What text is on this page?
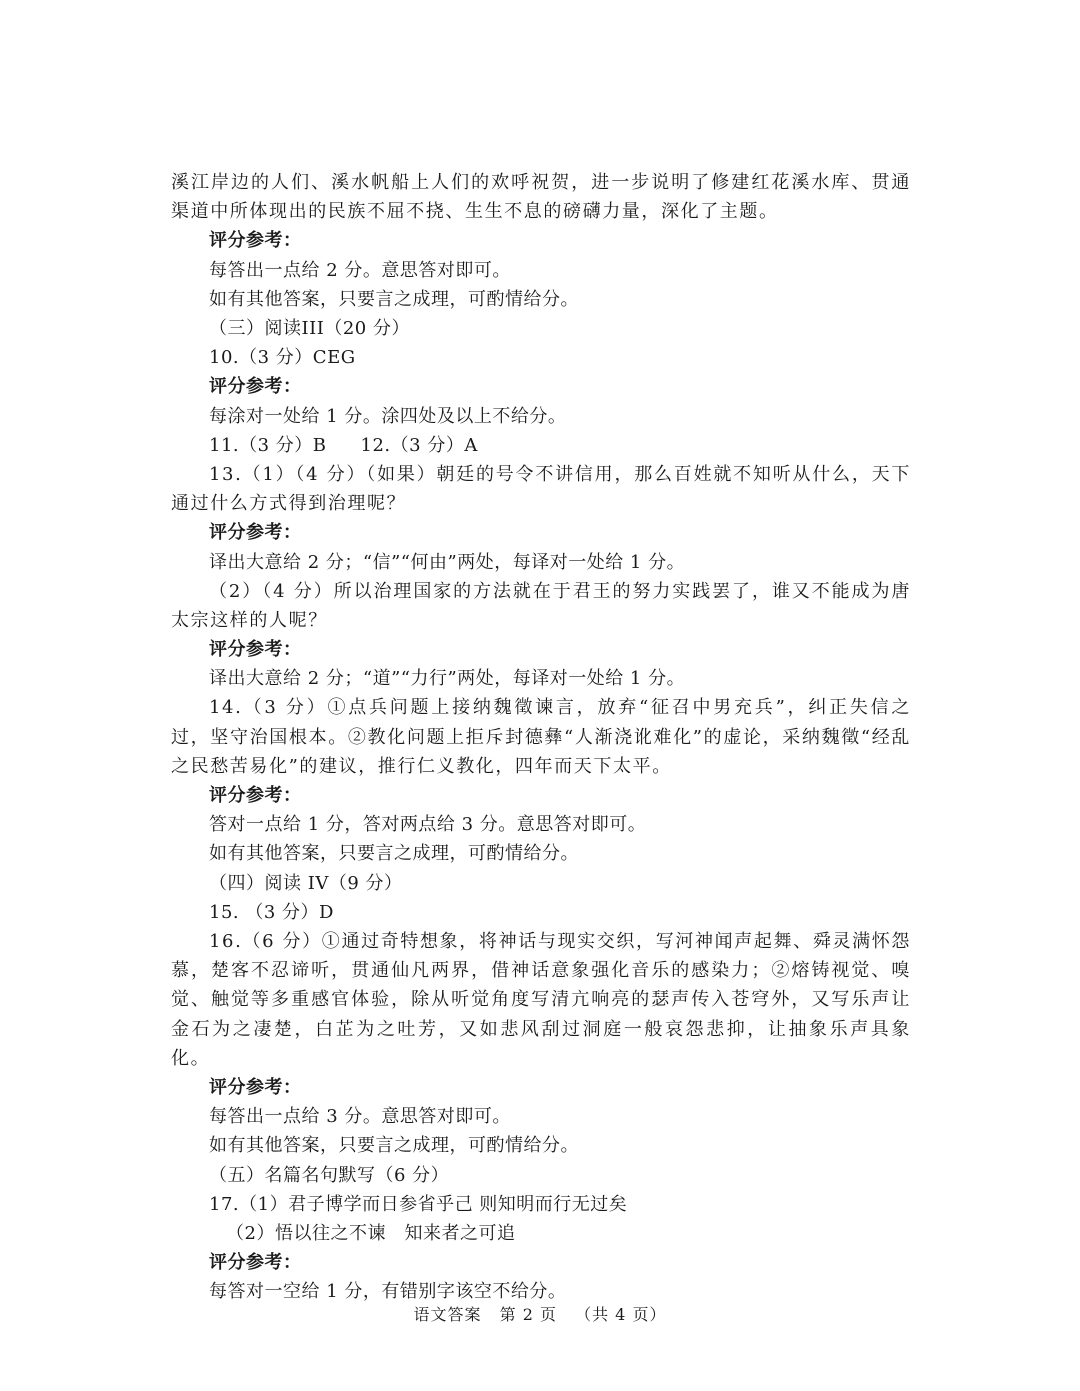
溪江岸边的人们、溪水帆船上人们的欢呼祝贺，进一步说明了修建红花溪水库、贯通渠道中所体现出的民族不屈不挠、生生不息的磅礴力量，深化了主题。

评分参考：
每答出一点给 2 分。意思答对即可。
如有其他答案，只要言之成理，可酌情给分。
（三）阅读III（20 分）
10.（3 分）CEG
评分参考：
每涂对一处给 1 分。涂四处及以上不给分。
11.（3 分）B 12.（3 分）A

13.（1）（4 分）（如果）朝廷的号令不讲信用，那么百姓就不知听从什么，天下通过什么方式得到治理呢？

评分参考：
译出大意给 2 分；“信”“何由”两处，每译对一处给 1 分。

（2）（4 分）所以治理国家的方法就在于君王的努力实践罢了，谁又不能成为唐太宗这样的人呢？

评分参考：
译出大意给 2 分；“道”“力行”两处，每译对一处给 1 分。

14.（3 分）①点兵问题上接纳魏徵谏言，放弃“征召中男充兵”，纠正失信之过，坚守治国根本。②教化问题上拒斥封德彝“人渐浇讹难化”的虚论，采纳魏徵“经乱之民愁苦易化”的建议，推行仁义教化，四年而天下太平。

评分参考：
答对一点给 1 分，答对两点给 3 分。意思答对即可。
如有其他答案，只要言之成理，可酌情给分。
（四）阅读 IV（9 分）
15. （3 分）D

16.（6 分）①通过奇特想象，将神话与现实交织，写河神闻声起舞、舜灵满怀怨慕，楚客不忍谛听，贯通仙凡两界，借神话意象强化音乐的感染力；②熔铸视觉、嗅觉、触觉等多重感官体验，除从听觉角度写清亢响亮的瑟声传入苍穹外，又写乐声让金石为之凄楚，白芷为之吐芳，又如悲风刮过洞庭一般哀怨悲抑，让抽象乐声具象化。

评分参考：
每答出一点给 3 分。意思答对即可。
如有其他答案，只要言之成理，可酌情给分。
（五）名篇名句默写（6 分）
17.（1）君子博学而日参省乎己 则知明而行无过矣
（2）悟以往之不谏　知来者之可追
评分参考：
每答对一空给 1 分，有错别字该空不给分。
语文答案 第 2 页 （共 4 页）
